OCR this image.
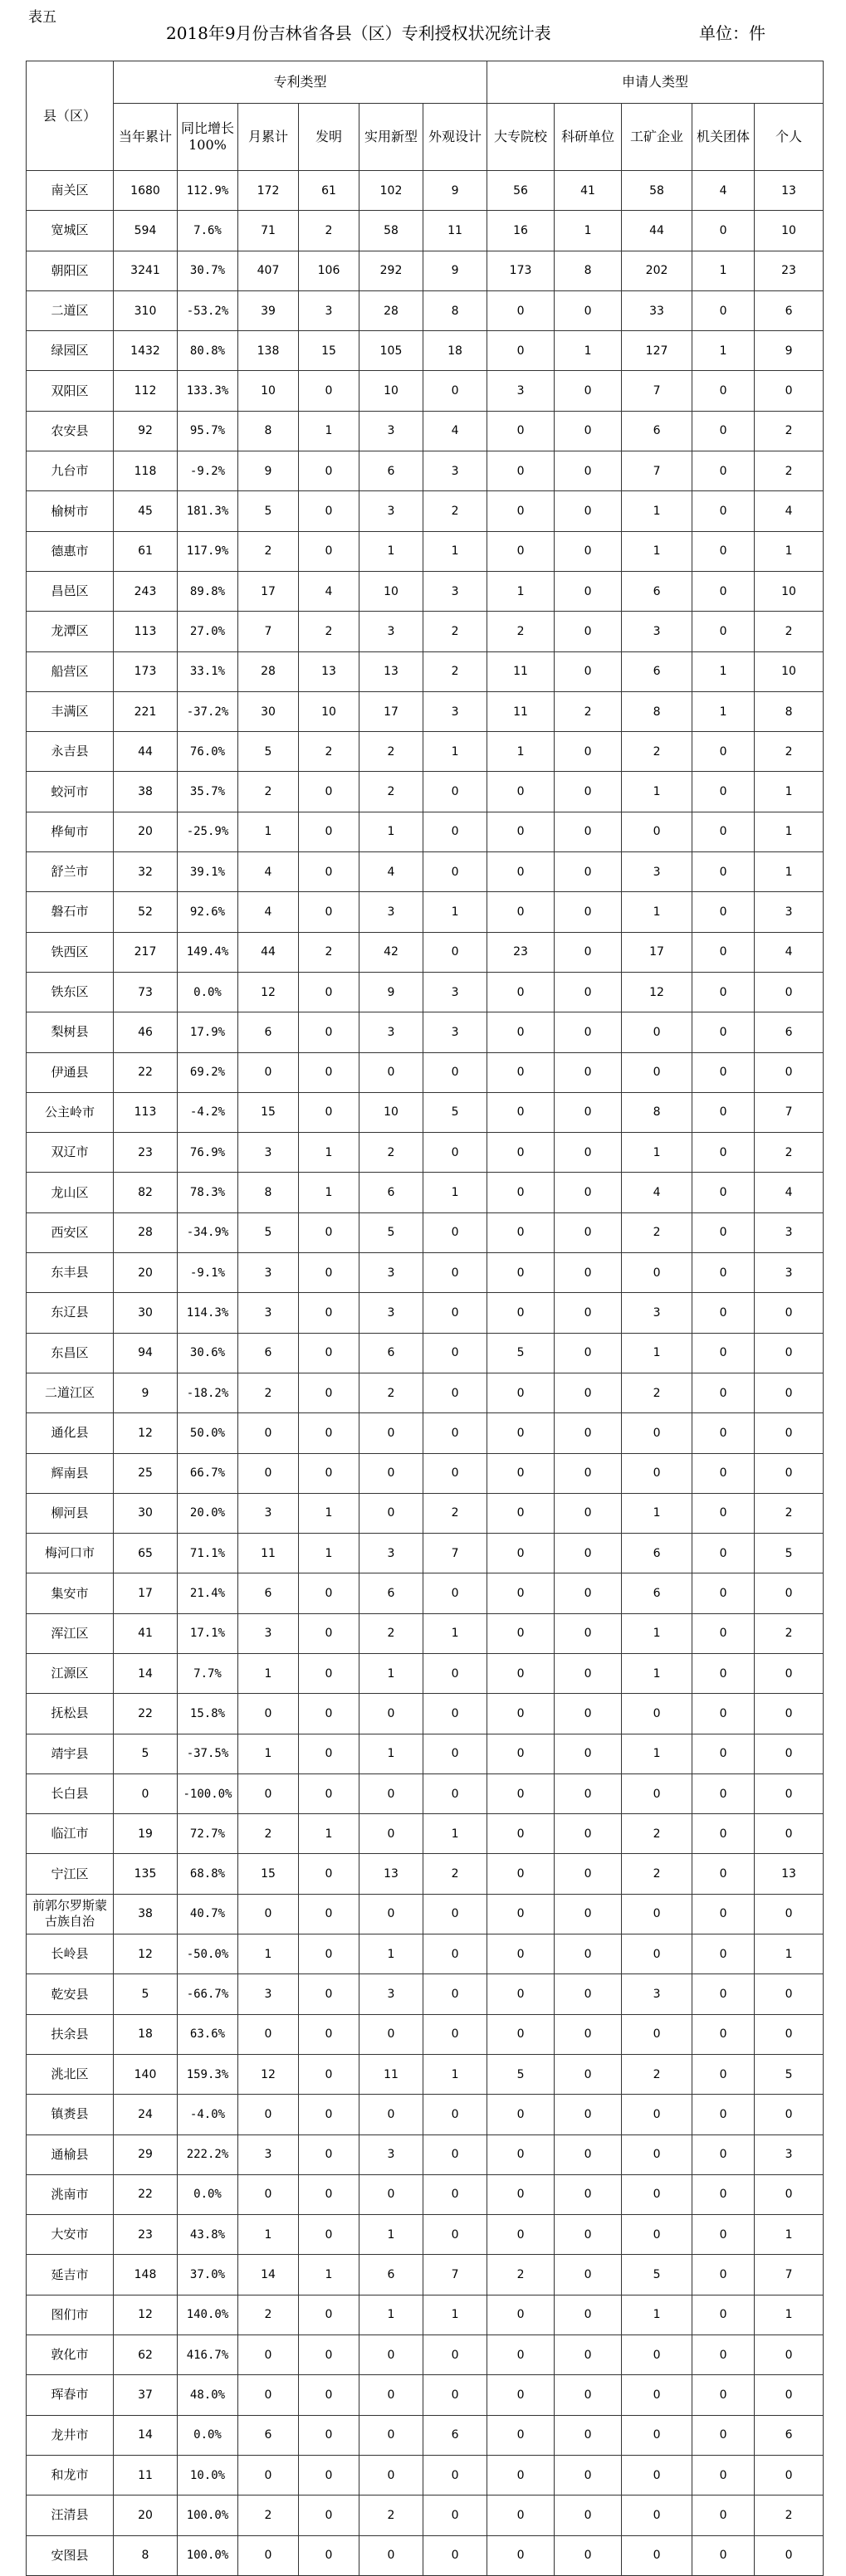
表五
2018年9月份吉林省各县（区）专利授权状况统计表	单位：件
县（区）	专利类型						申请人类型				
	当年累计	同比增长100%	月累计	发明	实用新型	外观设计	大专院校	科研单位	工矿企业	机关团体	个人
南关区	1680	112.9%	172	61	102	9	56	41	58	4	13
宽城区	594	7.6%	71	2	58	11	16	1	44	0	10
朝阳区	3241	30.7%	407	106	292	9	173	8	202	1	23
二道区	310	-53.2%	39	3	28	8	0	0	33	0	6
绿园区	1432	80.8%	138	15	105	18	0	1	127	1	9
双阳区	112	133.3%	10	0	10	0	3	0	7	0	0
农安县	92	95.7%	8	1	3	4	0	0	6	0	2
九台市	118	-9.2%	9	0	6	3	0	0	7	0	2
榆树市	45	181.3%	5	0	3	2	0	0	1	0	4
德惠市	61	117.9%	2	0	1	1	0	0	1	0	1
昌邑区	243	89.8%	17	4	10	3	1	0	6	0	10
龙潭区	113	27.0%	7	2	3	2	2	0	3	0	2
船营区	173	33.1%	28	13	13	2	11	0	6	1	10
丰满区	221	-37.2%	30	10	17	3	11	2	8	1	8
永吉县	44	76.0%	5	2	2	1	1	0	2	0	2
蛟河市	38	35.7%	2	0	2	0	0	0	1	0	1
桦甸市	20	-25.9%	1	0	1	0	0	0	0	0	1
舒兰市	32	39.1%	4	0	4	0	0	0	3	0	1
磐石市	52	92.6%	4	0	3	1	0	0	1	0	3
铁西区	217	149.4%	44	2	42	0	23	0	17	0	4
铁东区	73	0.0%	12	0	9	3	0	0	12	0	0
梨树县	46	17.9%	6	0	3	3	0	0	0	0	6
伊通县	22	69.2%	0	0	0	0	0	0	0	0	0
公主岭市	113	-4.2%	15	0	10	5	0	0	8	0	7
双辽市	23	76.9%	3	1	2	0	0	0	1	0	2
龙山区	82	78.3%	8	1	6	1	0	0	4	0	4
西安区	28	-34.9%	5	0	5	0	0	0	2	0	3
东丰县	20	-9.1%	3	0	3	0	0	0	0	0	3
东辽县	30	114.3%	3	0	3	0	0	0	3	0	0
东昌区	94	30.6%	6	0	6	0	5	0	1	0	0
二道江区	9	-18.2%	2	0	2	0	0	0	2	0	0
通化县	12	50.0%	0	0	0	0	0	0	0	0	0
辉南县	25	66.7%	0	0	0	0	0	0	0	0	0
柳河县	30	20.0%	3	1	0	2	0	0	1	0	2
梅河口市	65	71.1%	11	1	3	7	0	0	6	0	5
集安市	17	21.4%	6	0	6	0	0	0	6	0	0
浑江区	41	17.1%	3	0	2	1	0	0	1	0	2
江源区	14	7.7%	1	0	1	0	0	0	1	0	0
抚松县	22	15.8%	0	0	0	0	0	0	0	0	0
靖宇县	5	-37.5%	1	0	1	0	0	0	1	0	0
长白县	0	-100.0%	0	0	0	0	0	0	0	0	0
临江市	19	72.7%	2	1	0	1	0	0	2	0	0
宁江区	135	68.8%	15	0	13	2	0	0	2	0	13
前郭尔罗斯蒙古族自治	38	40.7%	0	0	0	0	0	0	0	0	0
长岭县	12	-50.0%	1	0	1	0	0	0	0	0	1
乾安县	5	-66.7%	3	0	3	0	0	0	3	0	0
扶余县	18	63.6%	0	0	0	0	0	0	0	0	0
洮北区	140	159.3%	12	0	11	1	5	0	2	0	5
镇赉县	24	-4.0%	0	0	0	0	0	0	0	0	0
通榆县	29	222.2%	3	0	3	0	0	0	0	0	3
洮南市	22	0.0%	0	0	0	0	0	0	0	0	0
大安市	23	43.8%	1	0	1	0	0	0	0	0	1
延吉市	148	37.0%	14	1	6	7	2	0	5	0	7
图们市	12	140.0%	2	0	1	1	0	0	1	0	1
敦化市	62	416.7%	0	0	0	0	0	0	0	0	0
珲春市	37	48.0%	0	0	0	0	0	0	0	0	0
龙井市	14	0.0%	6	0	0	6	0	0	0	0	6
和龙市	11	10.0%	0	0	0	0	0	0	0	0	0
汪清县	20	100.0%	2	0	2	0	0	0	0	0	2
安图县	8	100.0%	0	0	0	0	0	0	0	0	0
